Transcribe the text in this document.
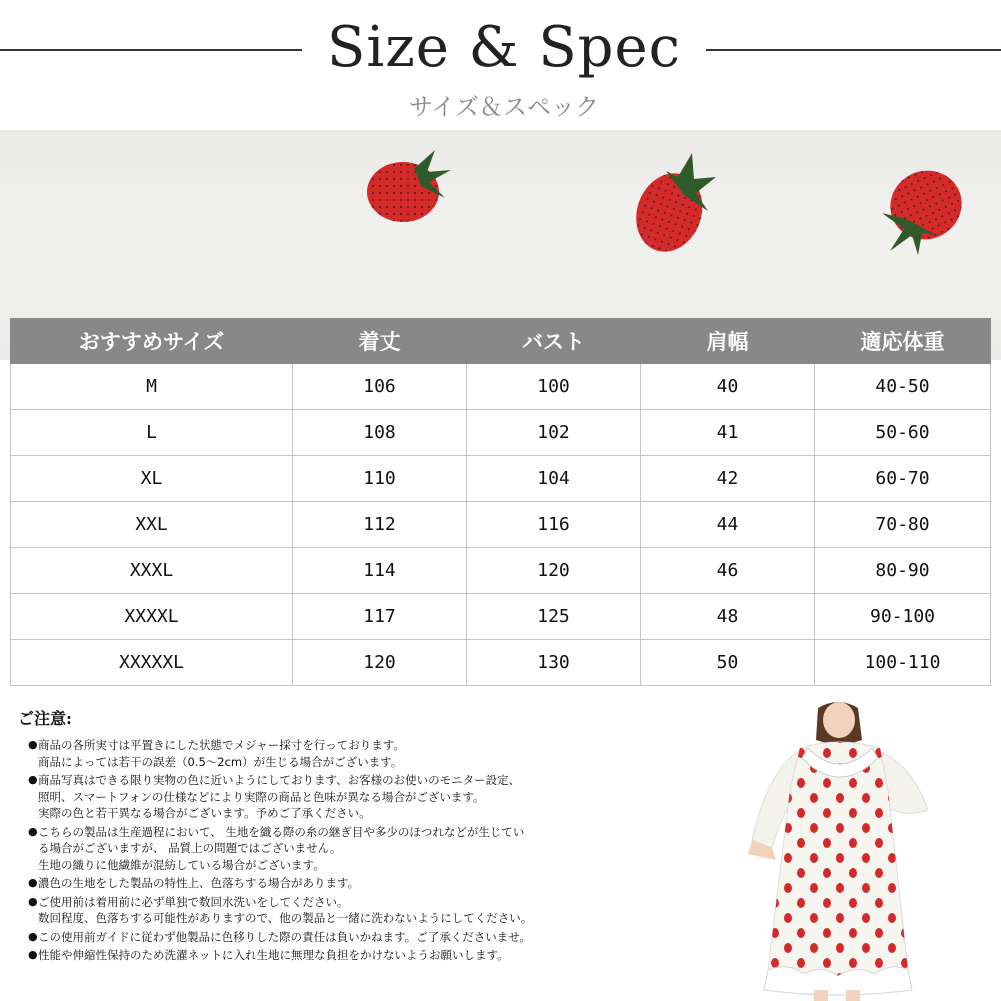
Size & Spec
サイズ＆スペック
おすすめサイズ	着丈	バスト	肩幅	適応体重
M	106	100	40	40-50
L	108	102	41	50-60
XL	110	104	42	60-70
XXL	112	116	44	70-80
XXXL	114	120	46	80-90
XXXXL	117	125	48	90-100
XXXXXL	120	130	50	100-110
ご注意:
● 商品の各所実寸は平置きにした状態でメジャー採寸を行っております。
商品によっては若干の誤差（0.5～2cm）が生じる場合がございます。
● 商品写真はできる限り実物の色に近いようにしております、お客様のお使いのモニター設定、
照明、スマートフォンの仕様などにより実際の商品と色味が異なる場合がございます。
実際の色と若干異なる場合がございます。予めご了承ください。
● こちらの製品は生産過程において、 生地を織る際の糸の継ぎ目や多少のほつれなどが生じてい
る場合がございますが、 品質上の問題ではございません。
生地の織りに他繊維が混紡している場合がございます。
● 濃色の生地をした製品の特性上、色落ちする場合があります。
● ご使用前は着用前に必ず単独で数回水洗いをしてください。
数回程度、色落ちする可能性がありますので、他の製品と一緒に洗わないようにしてください。
● この使用前ガイドに従わず他製品に色移りした際の責任は負いかねます。ご了承くださいませ。
● 性能や伸縮性保持のため洗濯ネットに入れ生地に無理な負担をかけないようお願いします。
